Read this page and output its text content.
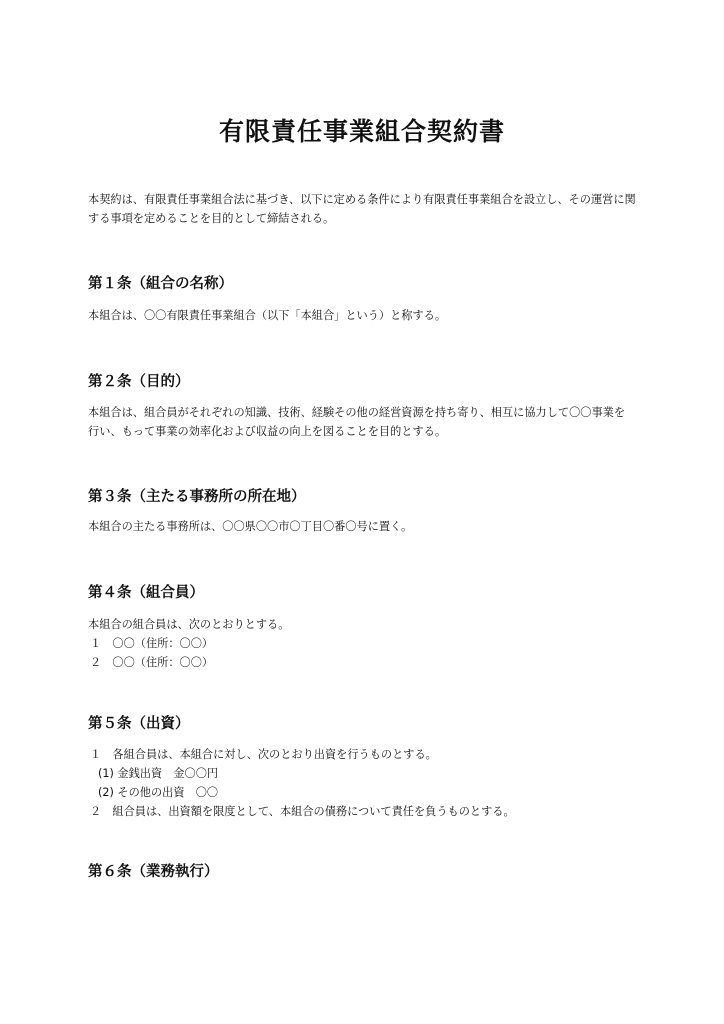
有限責任事業組合契約書
本契約は、有限責任事業組合法に基づき、以下に定める条件により有限責任事業組合を設立し、その運営に関する事項を定めることを目的として締結される。
第１条（組合の名称）
本組合は、〇〇有限責任事業組合（以下「本組合」という）と称する。
第２条（目的）
本組合は、組合員がそれぞれの知識、技術、経験その他の経営資源を持ち寄り、相互に協力して〇〇事業を行い、もって事業の効率化および収益の向上を図ることを目的とする。
第３条（主たる事務所の所在地）
本組合の主たる事務所は、〇〇県〇〇市〇丁目〇番〇号に置く。
第４条（組合員）
本組合の組合員は、次のとおりとする。
１　〇〇（住所：〇〇）
２　〇〇（住所：〇〇）
第５条（出資）
１　各組合員は、本組合に対し、次のとおり出資を行うものとする。
(1) 金銭出資　金〇〇円
(2) その他の出資　〇〇
２　組合員は、出資額を限度として、本組合の債務について責任を負うものとする。
第６条（業務執行）
